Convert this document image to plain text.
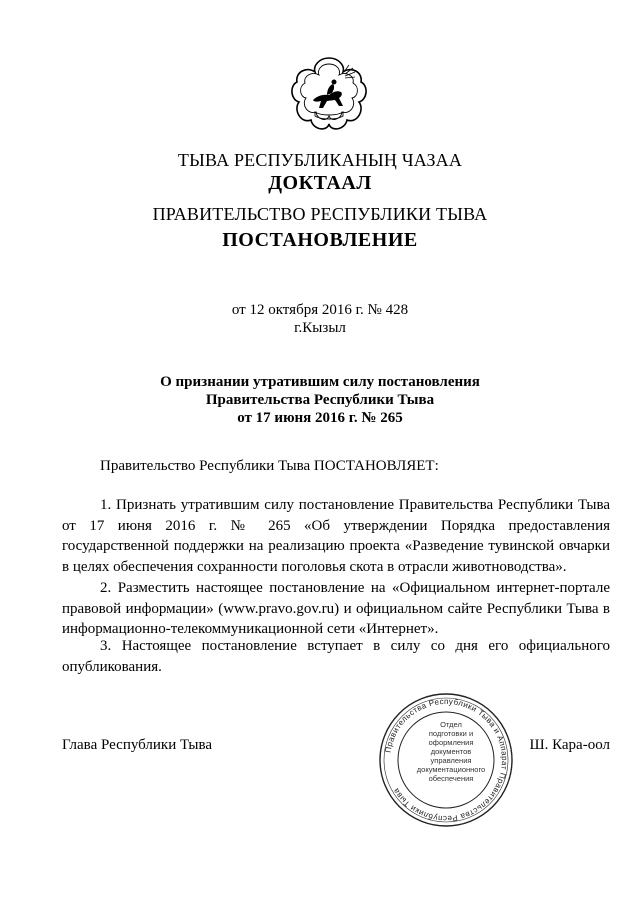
ТЫВА РЕСПУБЛИКАНЫҢ ЧАЗАА
ДОКТААЛ
ПРАВИТЕЛЬСТВО РЕСПУБЛИКИ ТЫВА
ПОСТАНОВЛЕНИЕ
от 12 октября 2016 г. № 428
г.Кызыл
О признании утратившим силу постановления
Правительства Республики Тыва
от 17 июня 2016 г. № 265
Правительство Республики Тыва ПОСТАНОВЛЯЕТ:

1. Признать утратившим силу постановление Правительства Республики Тыва от 17 июня 2016 г. № 265 «Об утверждении Порядка предоставления государственной поддержки на реализацию проекта «Разведение тувинской овчарки в целях обеспечения сохранности поголовья скота в отрасли животноводства».

2. Разместить настоящее постановление на «Официальном интернет-портале правовой информации» (www.pravo.gov.ru) и официальном сайте Республики Тыва в информационно-телекоммуникационной сети «Интернет».

3. Настоящее постановление вступает в силу со дня его официального опубликования.

Глава Республики Тыва	Ш. Кара-оол
Правительства Республики Тыва и Аппарат Правительства Республики Тыва
Отдел
подготовки и
оформления документов
управления
документационного
обеспечения
